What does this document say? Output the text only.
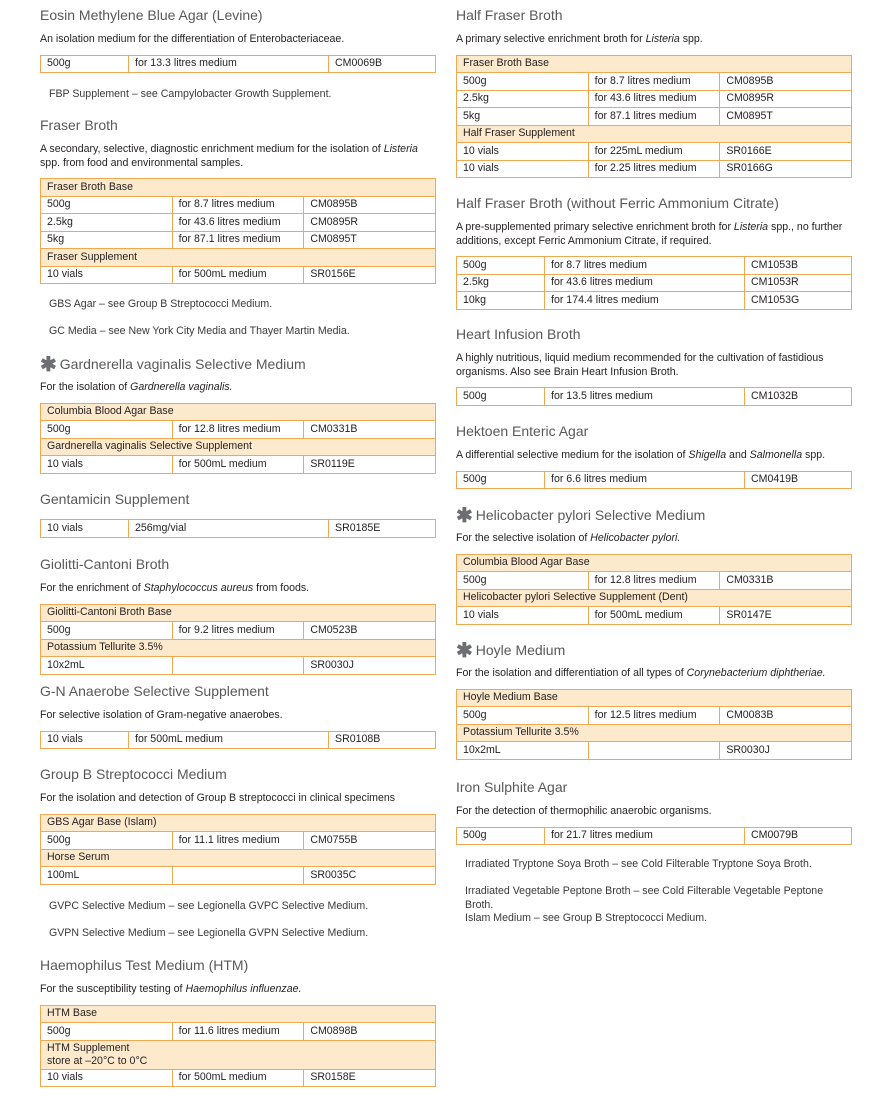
Eosin Methylene Blue Agar (Levine)
An isolation medium for the differentiation of Enterobacteriaceae.
500g	for 13.3 litres medium	CM0069B
FBP Supplement – see Campylobacter Growth Supplement.
Fraser Broth
A secondary, selective, diagnostic enrichment medium for the isolation of Listeria spp. from food and environmental samples.
Fraser Broth Base		
500g	for 8.7 litres medium	CM0895B
2.5kg	for 43.6 litres medium	CM0895R
5kg	for 87.1 litres medium	CM0895T
Fraser Supplement		
10 vials	for 500mL medium	SR0156E
GBS Agar – see Group B Streptococci Medium.
GC Media – see New York City Media and Thayer Martin Media.
✱ Gardnerella vaginalis Selective Medium
For the isolation of Gardnerella vaginalis.
Columbia Blood Agar Base		
500g	for 12.8 litres medium	CM0331B
Gardnerella vaginalis Selective Supplement		
10 vials	for 500mL medium	SR0119E
Gentamicin Supplement
10 vials	256mg/vial	SR0185E
Giolitti-Cantoni Broth
For the enrichment of Staphylococcus aureus from foods.
Giolitti-Cantoni Broth Base		
500g	for 9.2 litres medium	CM0523B
Potassium Tellurite 3.5%		
10x2mL		SR0030J
G-N Anaerobe Selective Supplement
For selective isolation of Gram-negative anaerobes.
10 vials	for 500mL medium	SR0108B
Group B Streptococci Medium
For the isolation and detection of Group B streptococci in clinical specimens
GBS Agar Base (Islam)		
500g	for 11.1 litres medium	CM0755B
Horse Serum		
100mL		SR0035C
GVPC Selective Medium – see Legionella GVPC Selective Medium.
GVPN Selective Medium – see Legionella GVPN Selective Medium.
Haemophilus Test Medium (HTM)
For the susceptibility testing of Haemophilus influenzae.
HTM Base		
500g	for 11.6 litres medium	CM0898B
HTM Supplement
store at –20°C to 0°C		
10 vials	for 500mL medium	SR0158E
Half Fraser Broth
A primary selective enrichment broth for Listeria spp.
Fraser Broth Base		
500g	for 8.7 litres medium	CM0895B
2.5kg	for 43.6 litres medium	CM0895R
5kg	for 87.1 litres medium	CM0895T
Half Fraser Supplement		
10 vials	for 225mL medium	SR0166E
10 vials	for 2.25 litres medium	SR0166G
Half Fraser Broth (without Ferric Ammonium Citrate)
A pre-supplemented primary selective enrichment broth for Listeria spp., no further additions, except Ferric Ammonium Citrate, if required.
500g	for 8.7 litres medium	CM1053B
2.5kg	for 43.6 litres medium	CM1053R
10kg	for 174.4 litres medium	CM1053G
Heart Infusion Broth
A highly nutritious, liquid medium recommended for the cultivation of fastidious organisms. Also see Brain Heart Infusion Broth.
500g	for 13.5 litres medium	CM1032B
Hektoen Enteric Agar
A differential selective medium for the isolation of Shigella and Salmonella spp.
500g	for 6.6 litres medium	CM0419B
✱ Helicobacter pylori Selective Medium
For the selective isolation of Helicobacter pylori.
Columbia Blood Agar Base		
500g	for 12.8 litres medium	CM0331B
Helicobacter pylori Selective Supplement (Dent)		
10 vials	for 500mL medium	SR0147E
✱ Hoyle Medium
For the isolation and differentiation of all types of Corynebacterium diphtheriae.
Hoyle Medium Base		
500g	for 12.5 litres medium	CM0083B
Potassium Tellurite 3.5%		
10x2mL		SR0030J
Iron Sulphite Agar
For the detection of thermophilic anaerobic organisms.
500g	for 21.7 litres medium	CM0079B
Irradiated Tryptone Soya Broth – see Cold Filterable Tryptone Soya Broth.
Irradiated Vegetable Peptone Broth – see Cold Filterable Vegetable Peptone Broth.
Islam Medium – see Group B Streptococci Medium.
